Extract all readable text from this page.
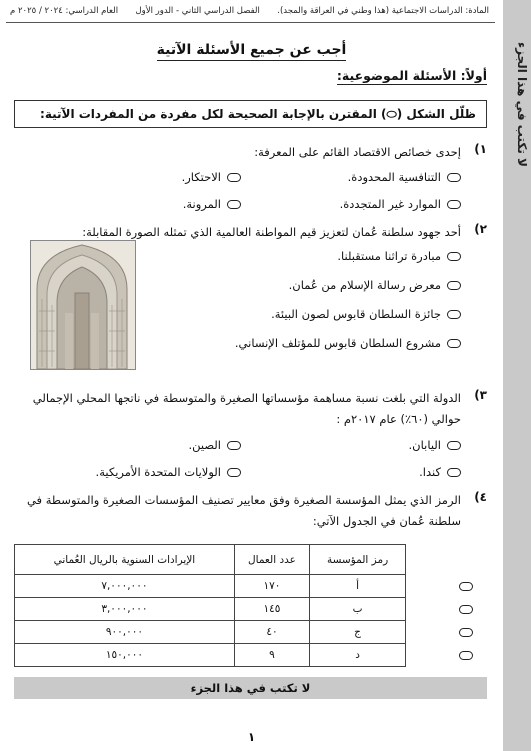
لا تكتب في هذا الجزء
المادة: الدراسات الاجتماعية (هذا وطني في العراقة والمجد).
الفصل الدراسي الثاني - الدور الأول
العام الدراسي: ٢٠٢٤ / ٢٠٢٥ م
أجب عن جميع الأسئلة الآتية
أولاً: الأسئلة الموضوعية:
ظلّل الشكل (⬭) المقترن بالإجابة الصحيحة لكل مفردة من المفردات الآتية:
١)
إحدى خصائص الاقتصاد القائم على المعرفة:
التنافسية المحدودة.
الاحتكار.
الموارد غير المتجددة.
المرونة.
٢)
أحد جهود سلطنة عُمان لتعزيز قيم المواطنة العالمية الذي تمثله الصورة المقابلة:
مبادرة تراثنا مستقبلنا.
معرض رسالة الإسلام من عُمان.
جائزة السلطان قابوس لصون البيئة.
مشروع السلطان قابوس للمؤتلف الإنساني.
٣)
الدولة التي بلغت نسبة مساهمة مؤسساتها الصغيرة والمتوسطة في ناتجها المحلي الإجمالي حوالي (٦٠٪) عام ٢٠١٧م :
اليابان.
الصين.
كندا.
الولايات المتحدة الأمريكية.
٤)
الرمز الذي يمثل المؤسسة الصغيرة وفق معايير تصنيف المؤسسات الصغيرة والمتوسطة في سلطنة عُمان في الجدول الآتي:
رمز المؤسسة	عدد العمال	الإيرادات السنوية بالريال العُماني
أ	١٧٠	٧,٠٠٠,٠٠٠
ب	١٤٥	٣,٠٠٠,٠٠٠
ج	٤٠	٩٠٠,٠٠٠
د	٩	١٥٠,٠٠٠
لا تكتب في هذا الجزء
١
